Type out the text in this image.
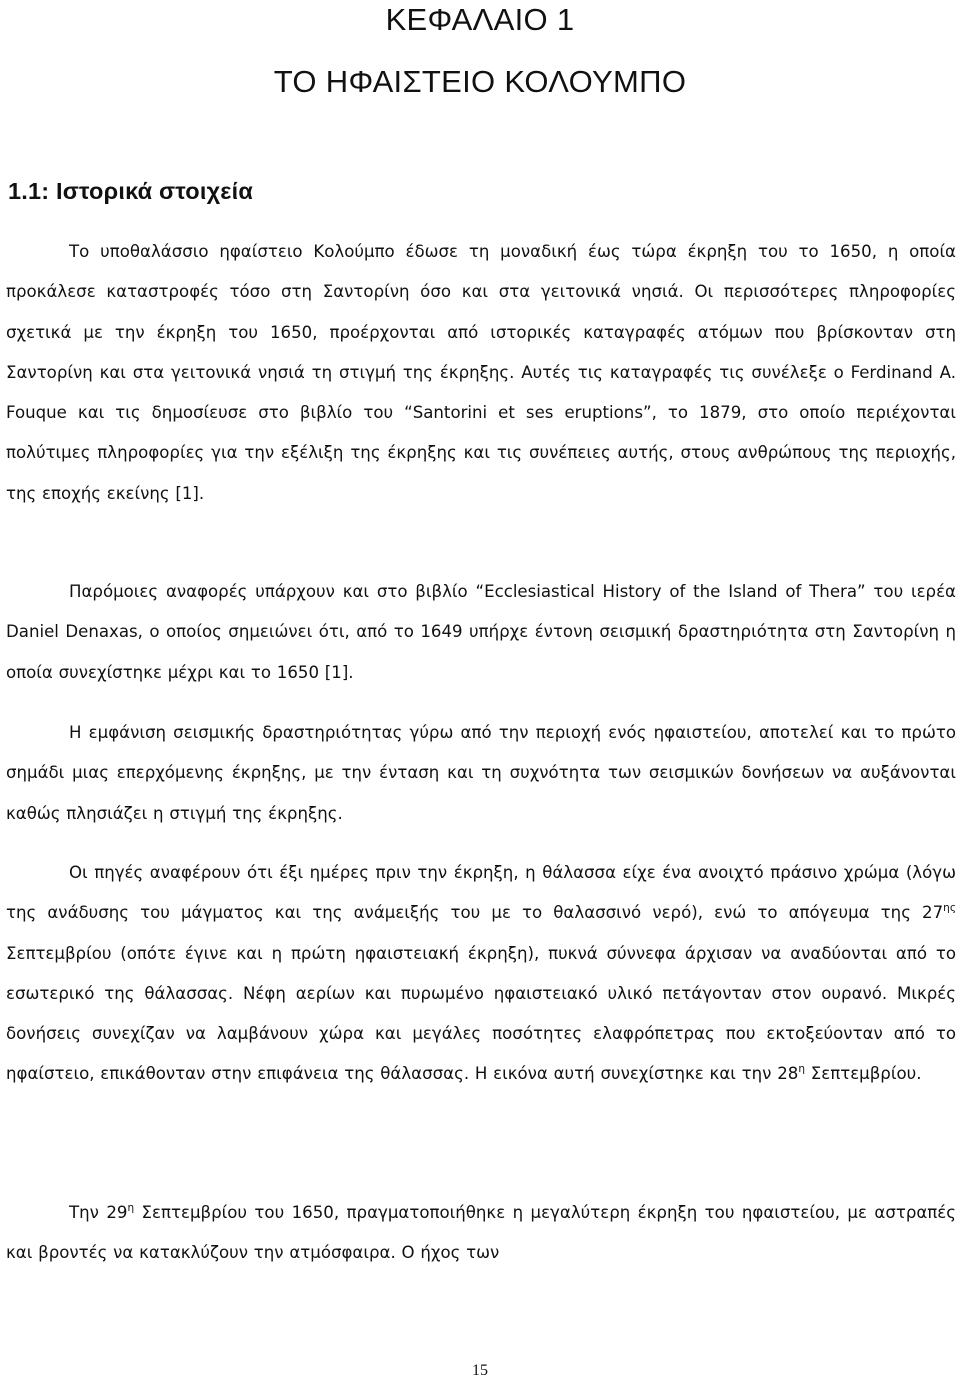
ΚΕΦΑΛΑΙΟ 1
ΤΟ ΗΦΑΙΣΤΕΙΟ ΚΟΛΟΥΜΠΟ
1.1: Ιστορικά στοιχεία

Το υποθαλάσσιο ηφαίστειο Κολούμπο έδωσε τη μοναδική έως τώρα έκρηξη του το 1650, η οποία προκάλεσε καταστροφές τόσο στη Σαντορίνη όσο και στα γειτονικά νησιά. Οι περισσότερες πληροφορίες σχετικά με την έκρηξη του 1650, προέρχονται από ιστορικές καταγραφές ατόμων που βρίσκονταν στη Σαντορίνη και στα γειτονικά νησιά τη στιγμή της έκρηξης. Αυτές τις καταγραφές τις συνέλεξε ο Ferdinand A. Fouque και τις δημοσίευσε στο βιβλίο του “Santorini et ses eruptions”, το 1879, στο οποίο περιέχονται πολύτιμες πληροφορίες για την εξέλιξη της έκρηξης και τις συνέπειες αυτής, στους ανθρώπους της περιοχής, της εποχής εκείνης [1].

Παρόμοιες αναφορές υπάρχουν και στο βιβλίο “Ecclesiastical History of the Island of Thera” του ιερέα Daniel Denaxas, ο οποίος σημειώνει ότι, από το 1649 υπήρχε έντονη σεισμική δραστηριότητα στη Σαντορίνη η οποία συνεχίστηκε μέχρι και το 1650 [1].

Η εμφάνιση σεισμικής δραστηριότητας γύρω από την περιοχή ενός ηφαιστείου, αποτελεί και το πρώτο σημάδι μιας επερχόμενης έκρηξης, με την ένταση και τη συχνότητα των σεισμικών δονήσεων να αυξάνονται καθώς πλησιάζει η στιγμή της έκρηξης.

Οι πηγές αναφέρουν ότι έξι ημέρες πριν την έκρηξη, η θάλασσα είχε ένα ανοιχτό πράσινο χρώμα (λόγω της ανάδυσης του μάγματος και της ανάμειξής του με το θαλασσινό νερό), ενώ το απόγευμα της $27^{\eta\varsigma}$ Σεπτεμβρίου (οπότε έγινε και η πρώτη ηφαιστειακή έκρηξη), πυκνά σύννεφα άρχισαν να αναδύονται από το εσωτερικό της θάλασσας. Νέφη αερίων και πυρωμένο ηφαιστειακό υλικό πετάγονταν στον ουρανό. Μικρές δονήσεις συνεχίζαν να λαμβάνουν χώρα και μεγάλες ποσότητες ελαφρόπετρας που εκτοξεύονταν από το ηφαίστειο, επικάθονταν στην επιφάνεια της θάλασσας. Η εικόνα αυτή συνεχίστηκε και την $28^\eta$ Σεπτεμβρίου.

Την $29^\eta$ Σεπτεμβρίου του 1650, πραγματοποιήθηκε η μεγαλύτερη έκρηξη του ηφαιστείου, με αστραπές και βροντές να κατακλύζουν την ατμόσφαιρα. Ο ήχος των

15
